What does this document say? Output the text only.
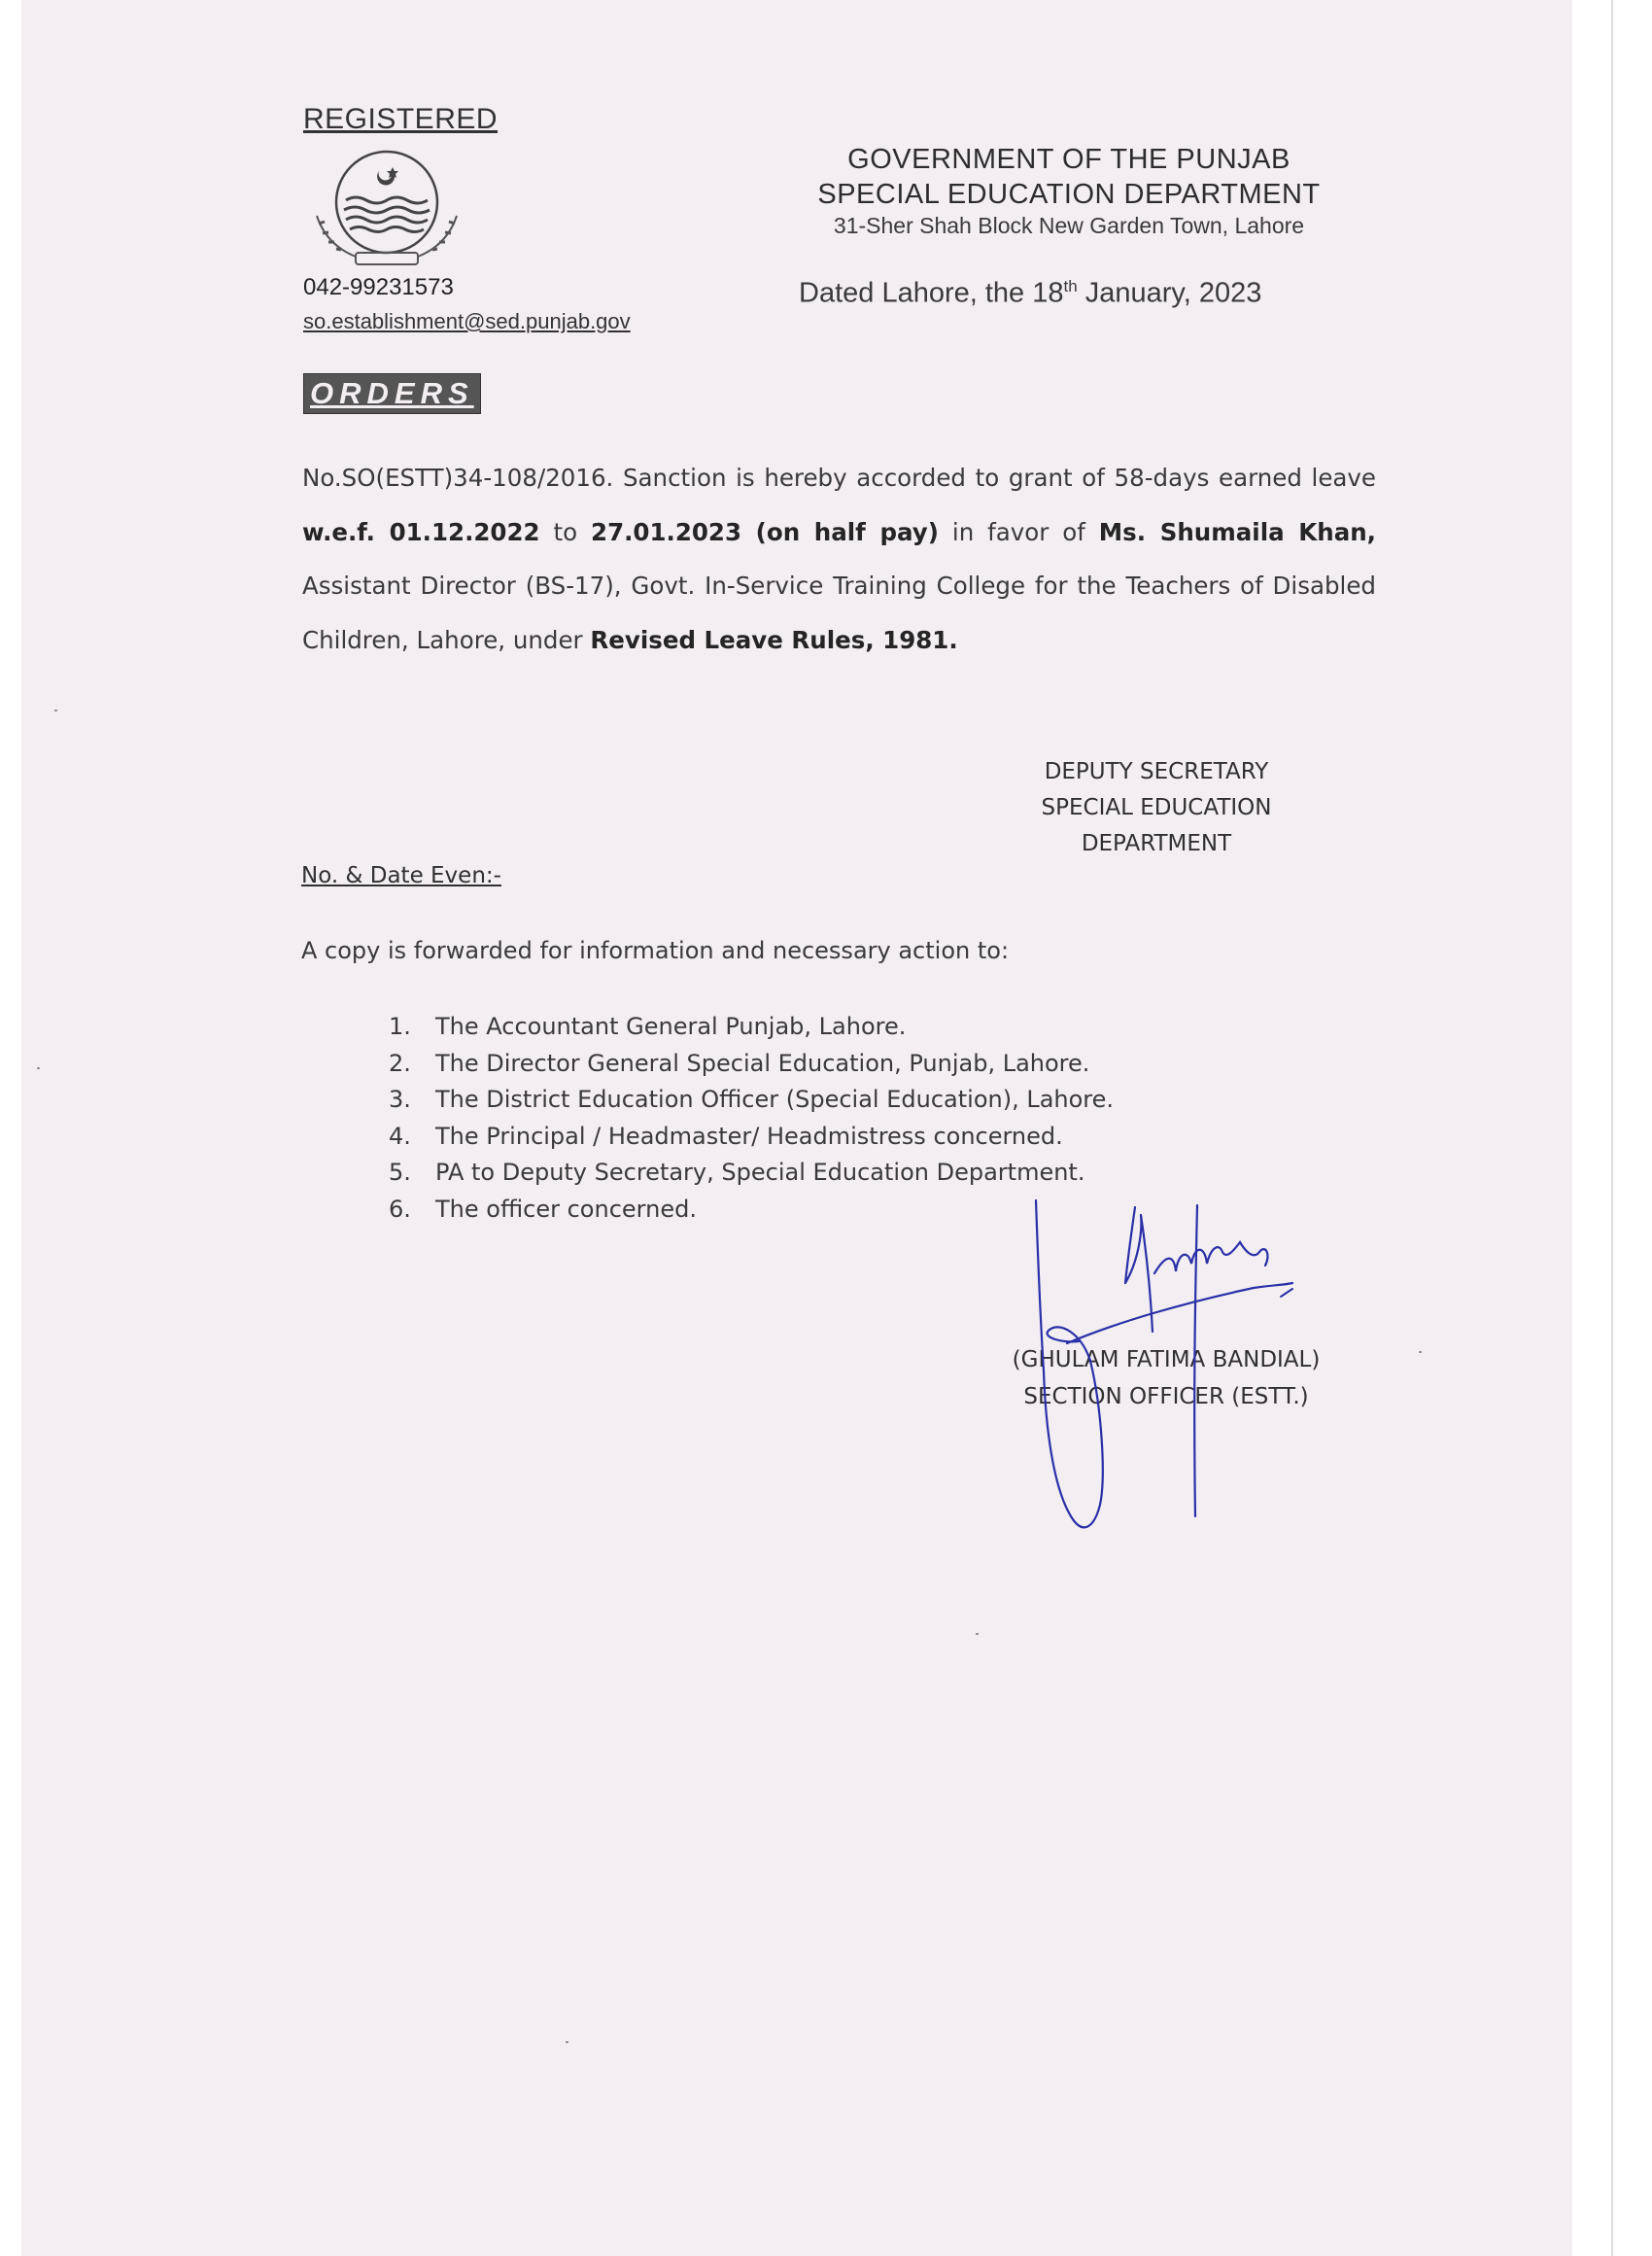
REGISTERED
042-99231573
so.establishment@sed.punjab.gov
GOVERNMENT OF THE PUNJAB
SPECIAL EDUCATION DEPARTMENT
31-Sher Shah Block New Garden Town, Lahore
Dated Lahore, the 18th January, 2023
ORDERS
No.SO(ESTT)34-108/2016. Sanction is hereby accorded to grant of 58-days earned leave w.e.f. 01.12.2022 to 27.01.2023 (on half pay) in favor of Ms. Shumaila Khan, Assistant Director (BS-17), Govt. In-Service Training College for the Teachers of Disabled Children, Lahore, under Revised Leave Rules, 1981.
DEPUTY SECRETARY
SPECIAL EDUCATION
DEPARTMENT
No. & Date Even:-
A copy is forwarded for information and necessary action to:
1. The Accountant General Punjab, Lahore.
2. The Director General Special Education, Punjab, Lahore.
3. The District Education Officer (Special Education), Lahore.
4. The Principal / Headmaster/ Headmistress concerned.
5. PA to Deputy Secretary, Special Education Department.
6. The officer concerned.
(GHULAM FATIMA BANDIAL)
SECTION OFFICER (ESTT.)
